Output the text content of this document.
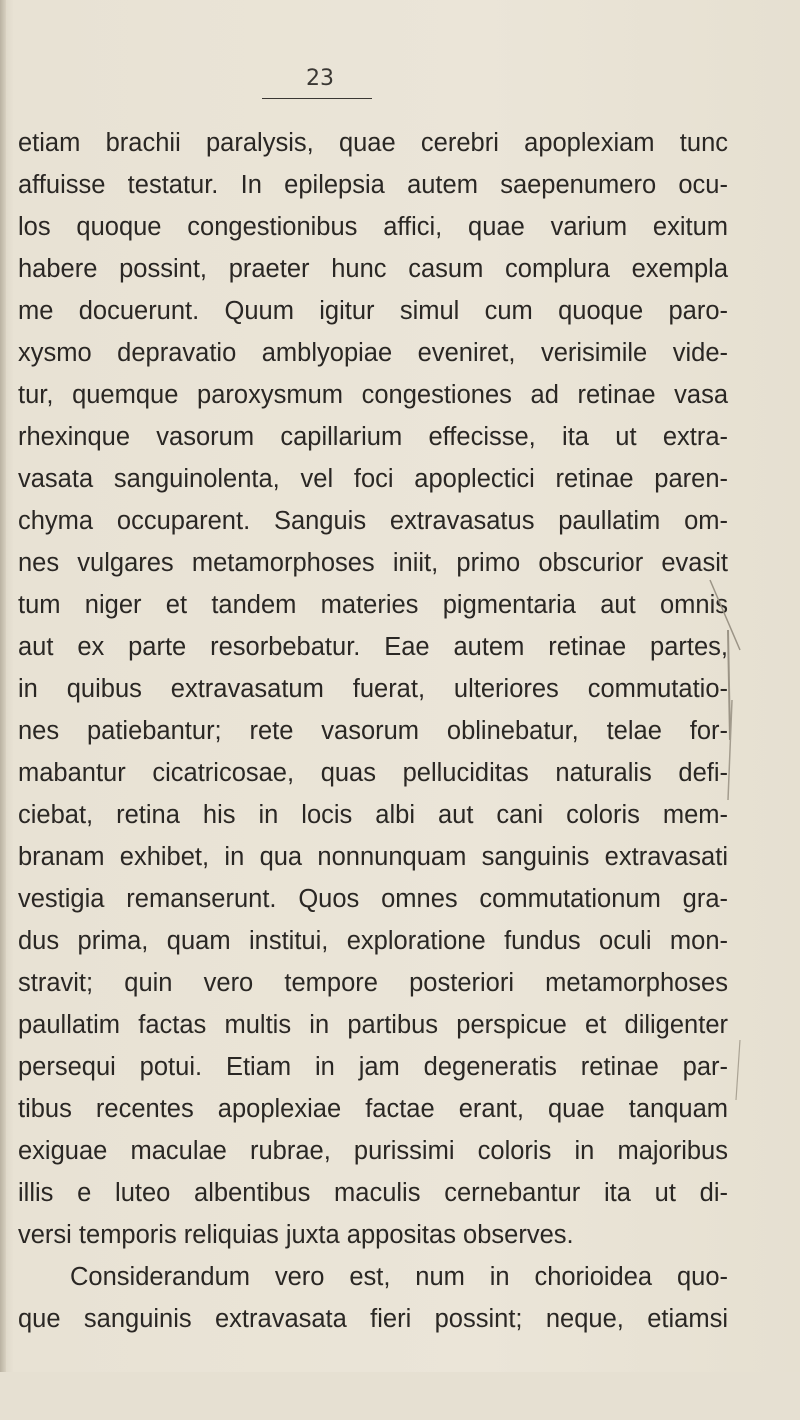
23
etiam brachii paralysis, quae cerebri apoplexiam tunc
affuisse testatur. In epilepsia autem saepenumero ocu-
los quoque congestionibus affici, quae varium exitum
habere possint, praeter hunc casum complura exempla
me docuerunt. Quum igitur simul cum quoque paro-
xysmo depravatio amblyopiae eveniret, verisimile vide-
tur, quemque paroxysmum congestiones ad retinae vasa
rhexinque vasorum capillarium effecisse, ita ut extra-
vasata sanguinolenta, vel foci apoplectici retinae paren-
chyma occuparent. Sanguis extravasatus paullatim om-
nes vulgares metamorphoses iniit, primo obscurior evasit
tum niger et tandem materies pigmentaria aut omnis
aut ex parte resorbebatur. Eae autem retinae partes,
in quibus extravasatum fuerat, ulteriores commutatio-
nes patiebantur; rete vasorum oblinebatur, telae for-
mabantur cicatricosae, quas pelluciditas naturalis defi-
ciebat, retina his in locis albi aut cani coloris mem-
branam exhibet, in qua nonnunquam sanguinis extravasati
vestigia remanserunt. Quos omnes commutationum gra-
dus prima, quam institui, exploratione fundus oculi mon-
stravit; quin vero tempore posteriori metamorphoses
paullatim factas multis in partibus perspicue et diligenter
persequi potui. Etiam in jam degeneratis retinae par-
tibus recentes apoplexiae factae erant, quae tanquam
exiguae maculae rubrae, purissimi coloris in majoribus
illis e luteo albentibus maculis cernebantur ita ut di-
versi temporis reliquias juxta appositas observes.
Considerandum vero est, num in chorioidea quo-
que sanguinis extravasata fieri possint; neque, etiamsi
